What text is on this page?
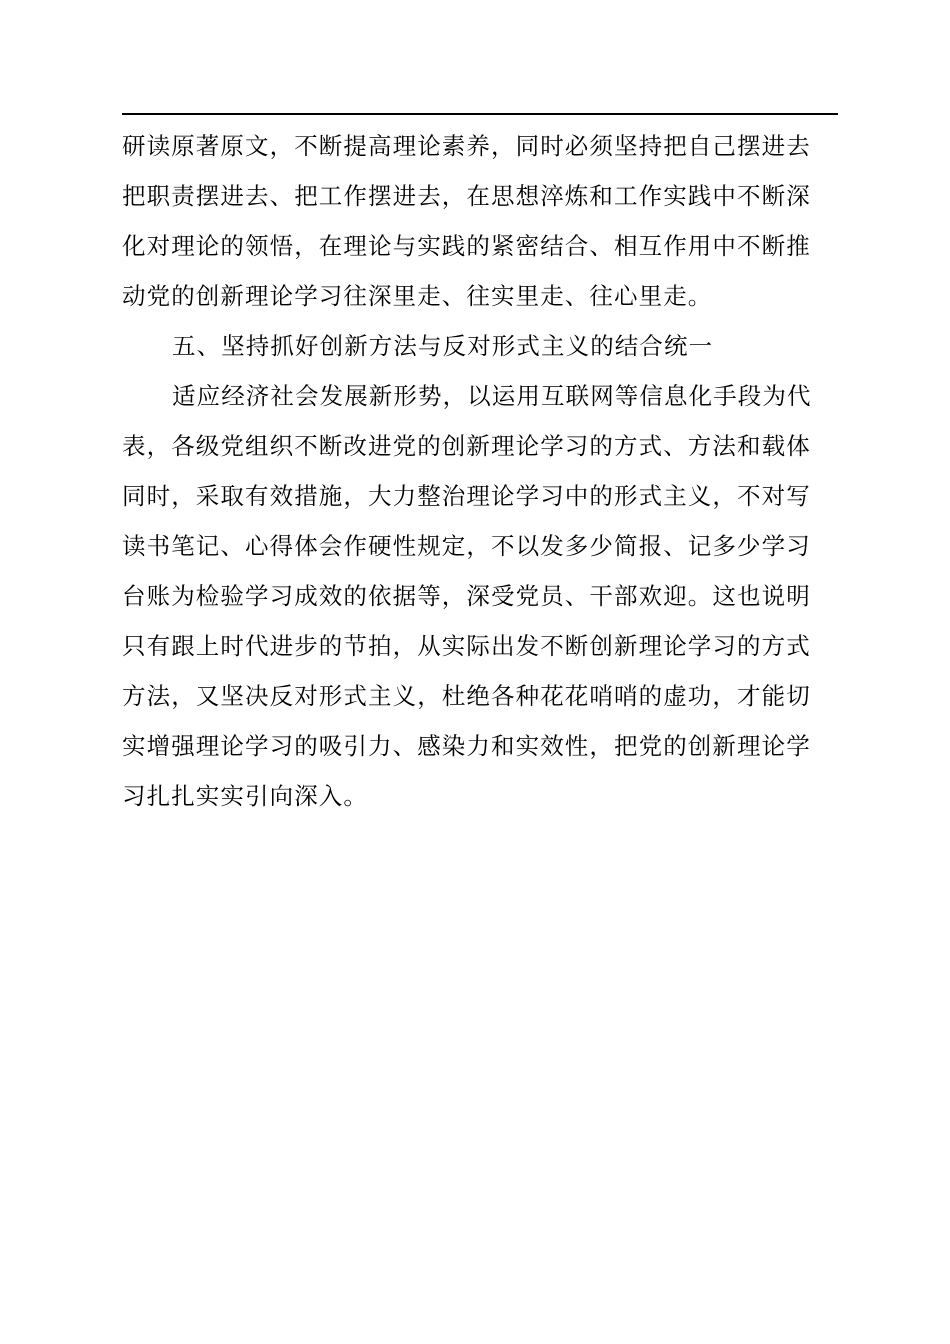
研读原著原文，不断提高理论素养，同时必须坚持把自己摆进去
把职责摆进去、把工作摆进去，在思想淬炼和工作实践中不断深
化对理论的领悟，在理论与实践的紧密结合、相互作用中不断推
动党的创新理论学习往深里走、往实里走、往心里走。
五、坚持抓好创新方法与反对形式主义的结合统一
适应经济社会发展新形势，以运用互联网等信息化手段为代
表，各级党组织不断改进党的创新理论学习的方式、方法和载体
同时，采取有效措施，大力整治理论学习中的形式主义，不对写
读书笔记、心得体会作硬性规定，不以发多少简报、记多少学习
台账为检验学习成效的依据等，深受党员、干部欢迎。这也说明
只有跟上时代进步的节拍，从实际出发不断创新理论学习的方式
方法，又坚决反对形式主义，杜绝各种花花哨哨的虚功，才能切
实增强理论学习的吸引力、感染力和实效性，把党的创新理论学
习扎扎实实引向深入。
